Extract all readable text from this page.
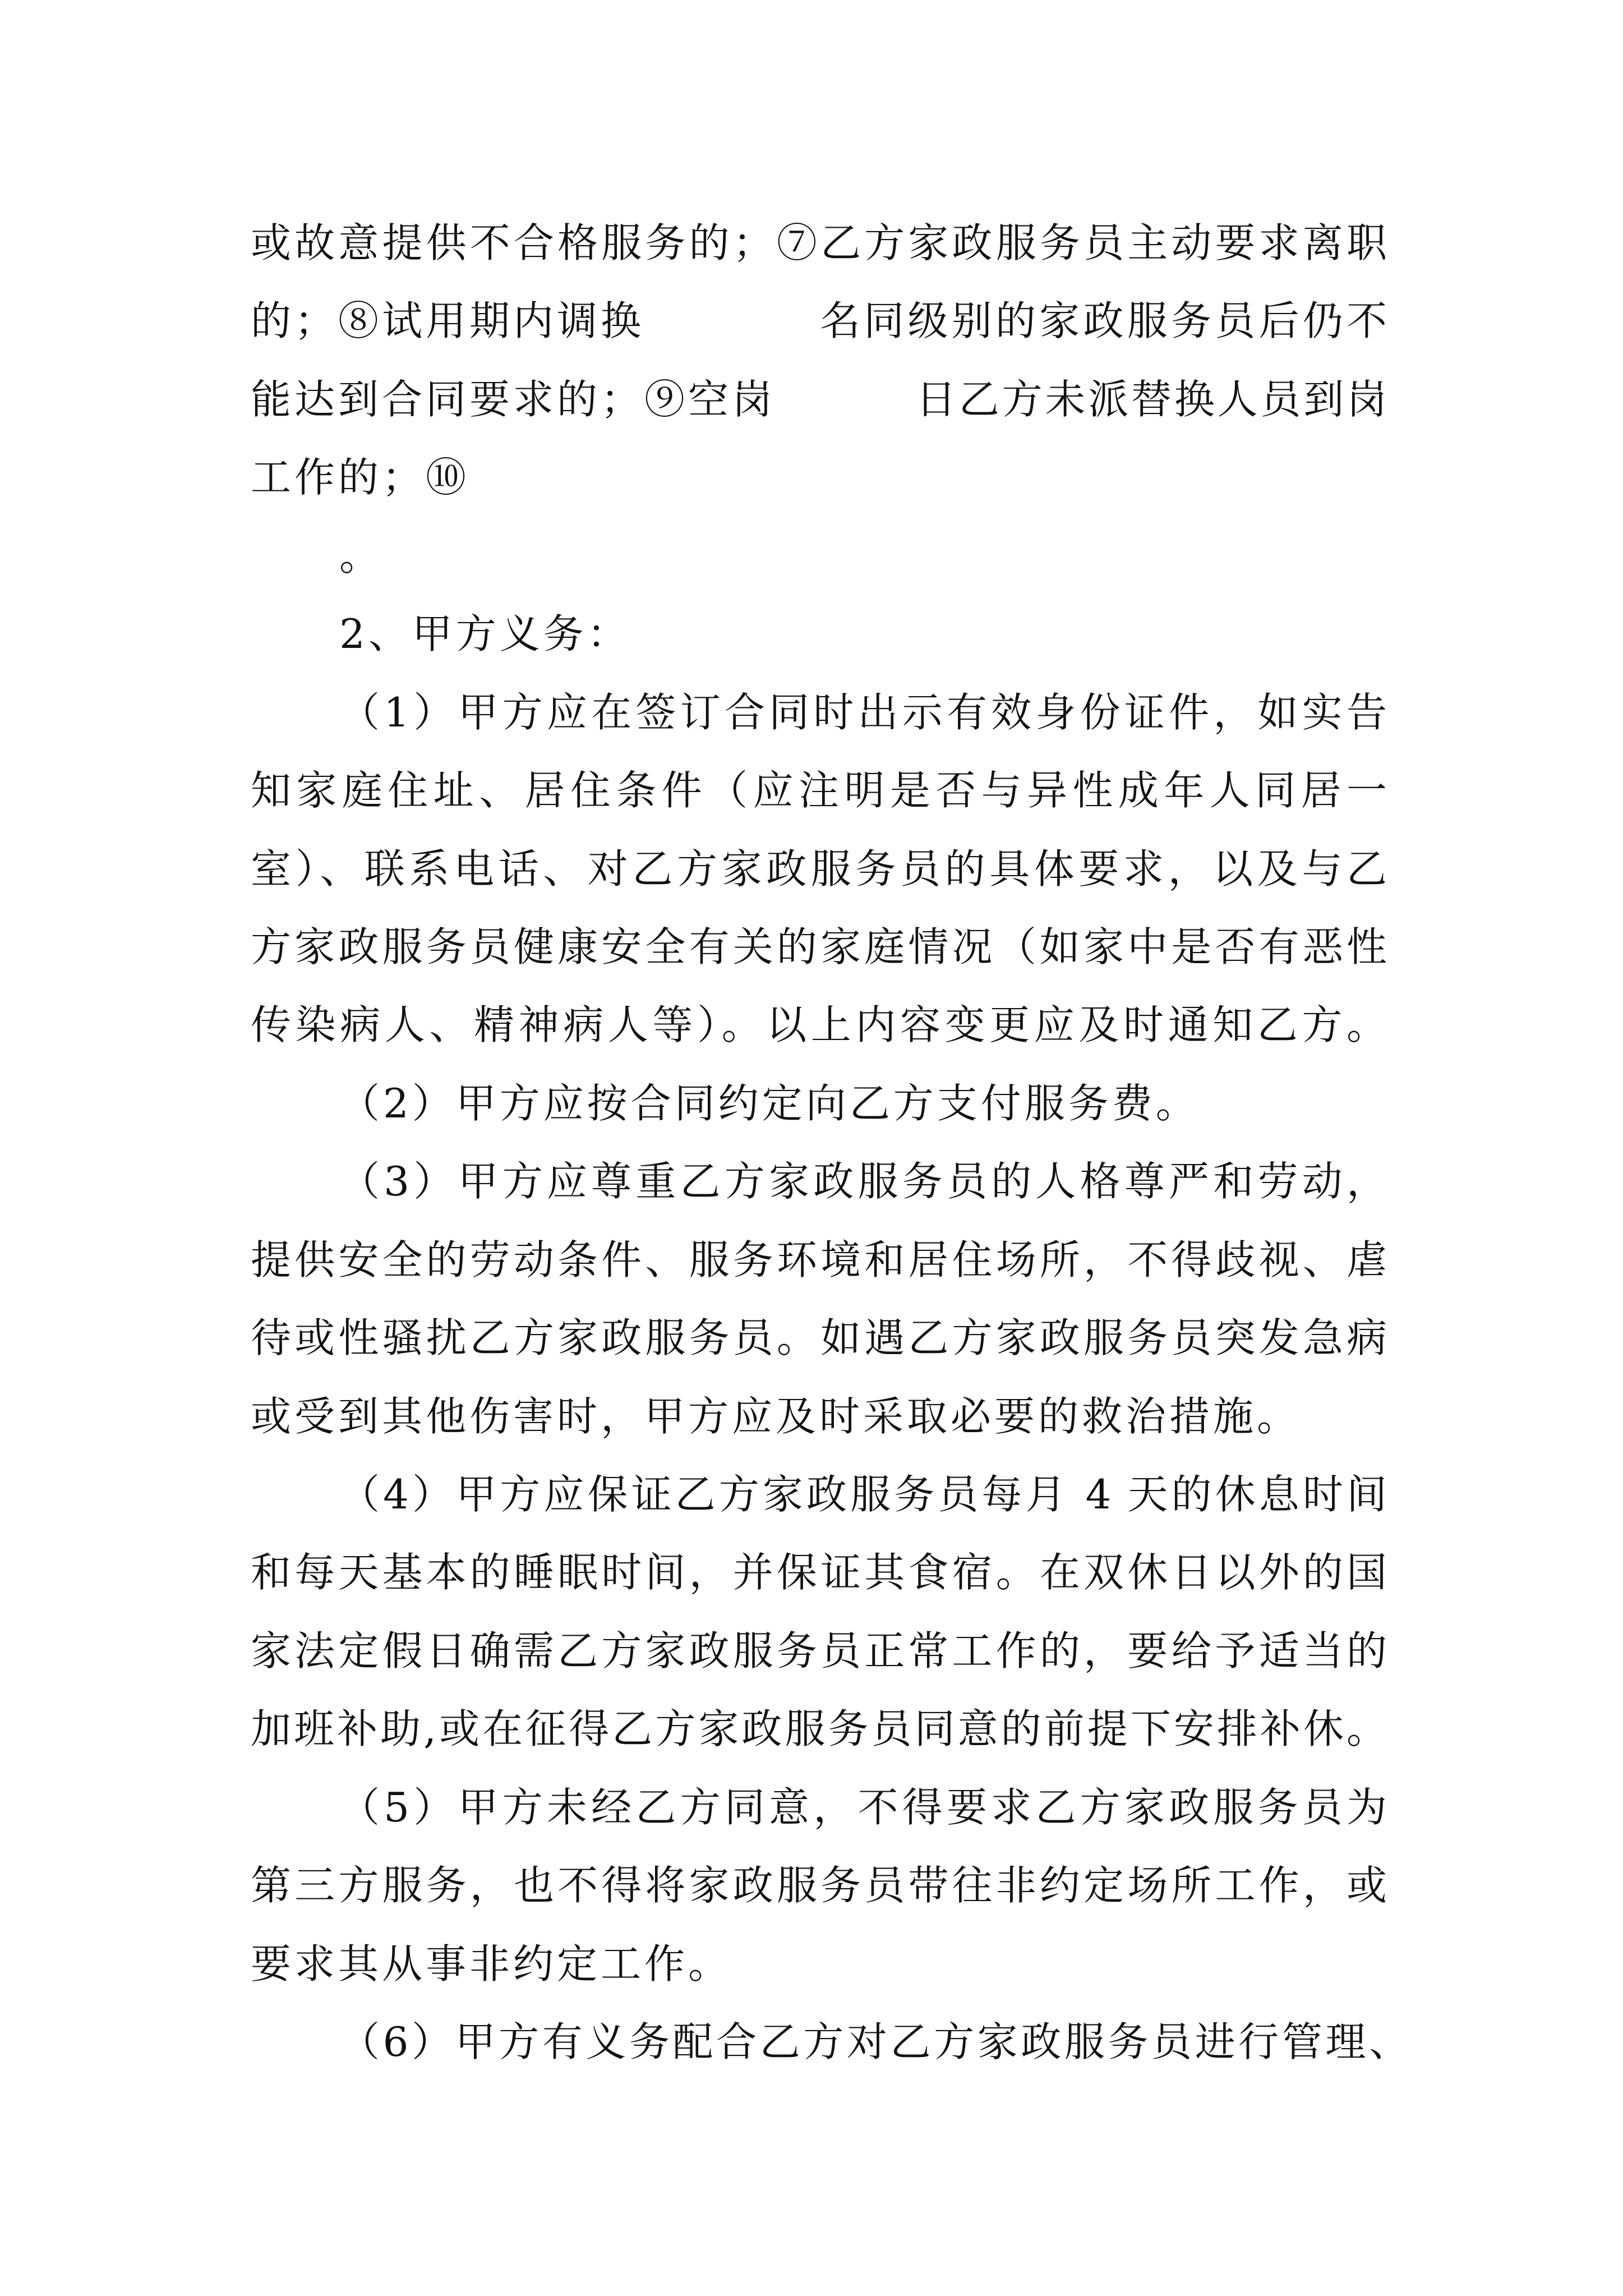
或故意提供不合格服务的；⑦乙方家政服务员主动要求离职
的；⑧试用期内调换	名同级别的家政服务员后仍不
能达到合同要求的；⑨空岗	日乙方未派替换人员到岗
工作的；⑩
。
2、甲方义务：
（1）甲方应在签订合同时出示有效身份证件，如实告
知家庭住址、居住条件（应注明是否与异性成年人同居一
室）、联系电话、对乙方家政服务员的具体要求，以及与乙
方家政服务员健康安全有关的家庭情况（如家中是否有恶性
传染病人、精神病人等）。以上内容变更应及时通知乙方。
（2）甲方应按合同约定向乙方支付服务费。
（3）甲方应尊重乙方家政服务员的人格尊严和劳动，
提供安全的劳动条件、服务环境和居住场所，不得歧视、虐
待或性骚扰乙方家政服务员。如遇乙方家政服务员突发急病
或受到其他伤害时，甲方应及时采取必要的救治措施。
（4）甲方应保证乙方家政服务员每月 4 天的休息时间
和每天基本的睡眠时间，并保证其食宿。在双休日以外的国
家法定假日确需乙方家政服务员正常工作的，要给予适当的
加班补助,或在征得乙方家政服务员同意的前提下安排补休。
（5）甲方未经乙方同意，不得要求乙方家政服务员为
第三方服务，也不得将家政服务员带往非约定场所工作，或
要求其从事非约定工作。
（6）甲方有义务配合乙方对乙方家政服务员进行管理、
